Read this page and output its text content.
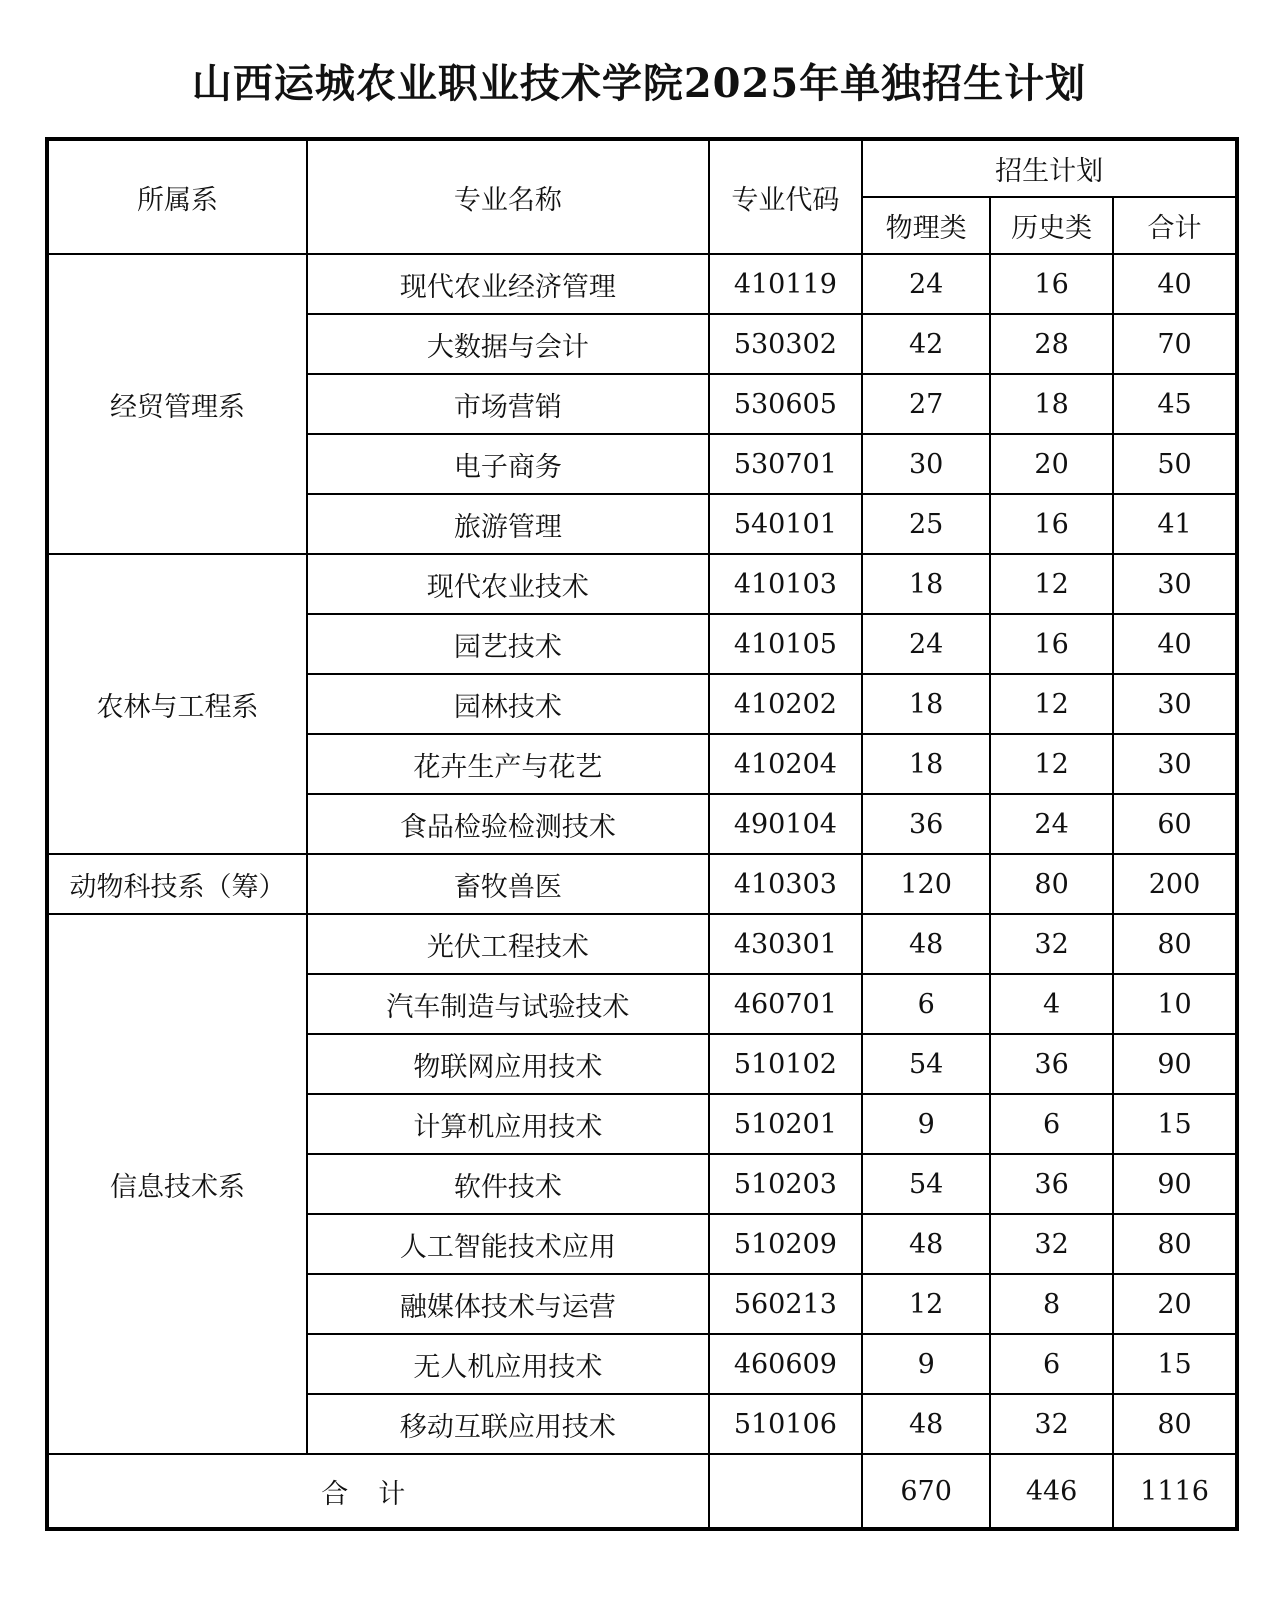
山西运城农业职业技术学院2025年单独招生计划
所属系	专业名称	专业代码	招生计划		
			物理类	历史类	合计
经贸管理系	现代农业经济管理	410119	24	16	40
	大数据与会计	530302	42	28	70
	市场营销	530605	27	18	45
	电子商务	530701	30	20	50
	旅游管理	540101	25	16	41
农林与工程系	现代农业技术	410103	18	12	30
	园艺技术	410105	24	16	40
	园林技术	410202	18	12	30
	花卉生产与花艺	410204	18	12	30
	食品检验检测技术	490104	36	24	60
动物科技系（筹）	畜牧兽医	410303	120	80	200
信息技术系	光伏工程技术	430301	48	32	80
	汽车制造与试验技术	460701	6	4	10
	物联网应用技术	510102	54	36	90
	计算机应用技术	510201	9	6	15
	软件技术	510203	54	36	90
	人工智能技术应用	510209	48	32	80
	融媒体技术与运营	560213	12	8	20
	无人机应用技术	460609	9	6	15
	移动互联应用技术	510106	48	32	80
合计			670	446	1116
